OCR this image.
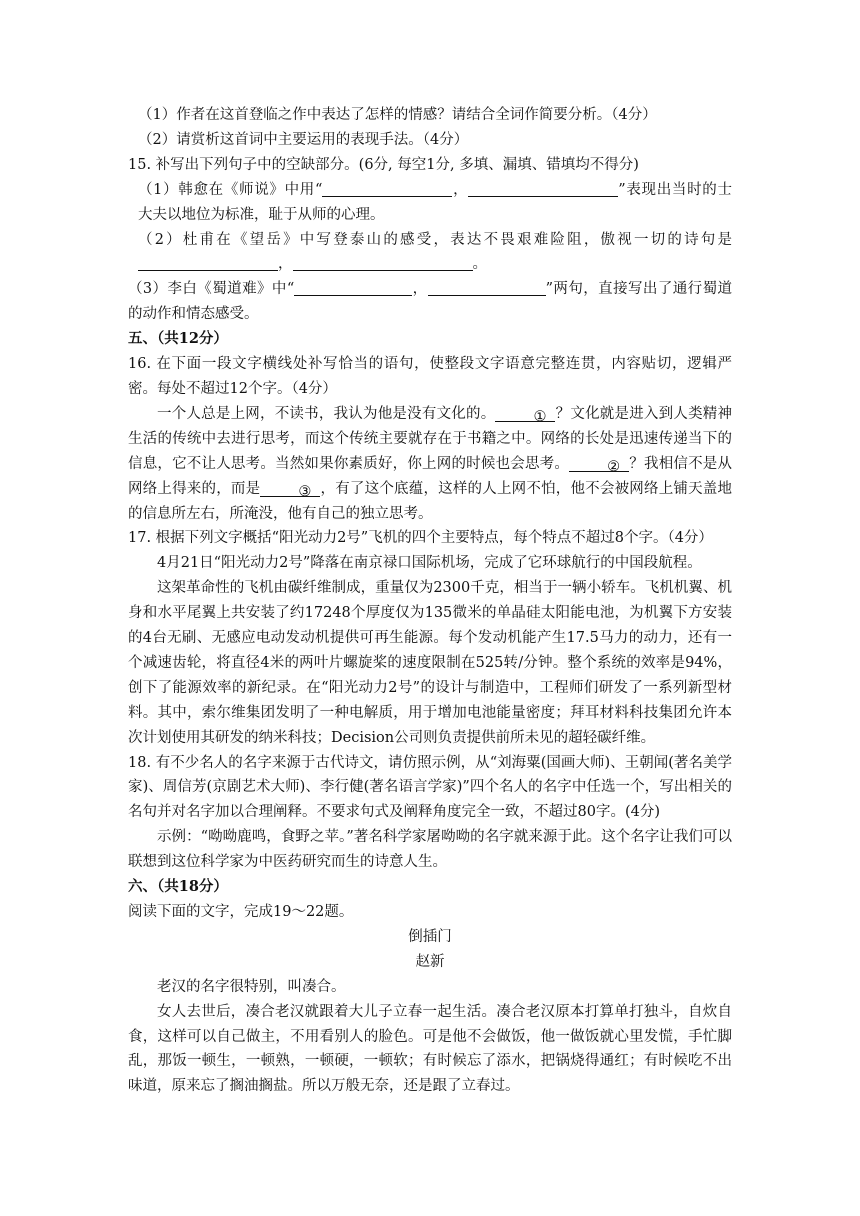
（1）作者在这首登临之作中表达了怎样的情感？请结合全词作简要分析。（4分）

（2）请赏析这首词中主要运用的表现手法。（4分）

15. 补写出下列句子中的空缺部分。(6分, 每空1分, 多填、漏填、错填均不得分)

（1）韩愈在《师说》中用“	，	”表现出当时的士大夫以地位为标准，耻于从师的心理。

（2）杜甫在《望岳》中写登泰山的感受，表达不畏艰难险阻，傲视一切的诗句是，	。

（3）李白《蜀道难》中“	，	”两句，直接写出了通行蜀道的动作和情态感受。

五、（共12分）

16. 在下面一段文字横线处补写恰当的语句，使整段文字语意完整连贯，内容贴切，逻辑严密。每处不超过12个字。（4分）

一个人总是上网，不读书，我认为他是没有文化的。	① ？文化就是进入到人类精神生活的传统中去进行思考，而这个传统主要就存在于书籍之中。网络的长处是迅速传递当下的信息，它不让人思考。当然如果你素质好，你上网的时候也会思考。	② ？我相信不是从网络上得来的，而是	③ ，有了这个底蕴，这样的人上网不怕，他不会被网络上铺天盖地的信息所左右，所淹没，他有自己的独立思考。

17. 根据下列文字概括“阳光动力2号”飞机的四个主要特点，每个特点不超过8个字。（4分）

4月21日“阳光动力2号”降落在南京禄口国际机场，完成了它环球航行的中国段航程。

这架革命性的飞机由碳纤维制成，重量仅为2300千克，相当于一辆小轿车。飞机机翼、机身和水平尾翼上共安装了约17248个厚度仅为135微米的单晶硅太阳能电池，为机翼下方安装的4台无刷、无感应电动发动机提供可再生能源。每个发动机能产生17.5马力的动力，还有一个减速齿轮，将直径4米的两叶片螺旋桨的速度限制在525转/分钟。整个系统的效率是94%，创下了能源效率的新纪录。在“阳光动力2号”的设计与制造中，工程师们研发了一系列新型材料。其中，索尔维集团发明了一种电解质，用于增加电池能量密度；拜耳材料科技集团允许本次计划使用其研发的纳米科技；Decision公司则负责提供前所未见的超轻碳纤维。

18. 有不少名人的名字来源于古代诗文，请仿照示例，从“刘海粟(国画大师)、王朝闻(著名美学家)、周信芳(京剧艺术大师)、李行健(著名语言学家)”四个名人的名字中任选一个，写出相关的名句并对名字加以合理阐释。不要求句式及阐释角度完全一致，不超过80字。(4分)

示例：“呦呦鹿鸣，食野之苹。”著名科学家屠呦呦的名字就来源于此。这个名字让我们可以联想到这位科学家为中医药研究而生的诗意人生。

六、（共18分）

阅读下面的文字，完成19～22题。

倒插门

赵新

老汉的名字很特别，叫凑合。

女人去世后，凑合老汉就跟着大儿子立春一起生活。凑合老汉原本打算单打独斗，自炊自食，这样可以自己做主，不用看别人的脸色。可是他不会做饭，他一做饭就心里发慌，手忙脚乱，那饭一顿生，一顿熟，一顿硬，一顿软；有时候忘了添水，把锅烧得通红；有时候吃不出味道，原来忘了搁油搁盐。所以万般无奈，还是跟了立春过。
